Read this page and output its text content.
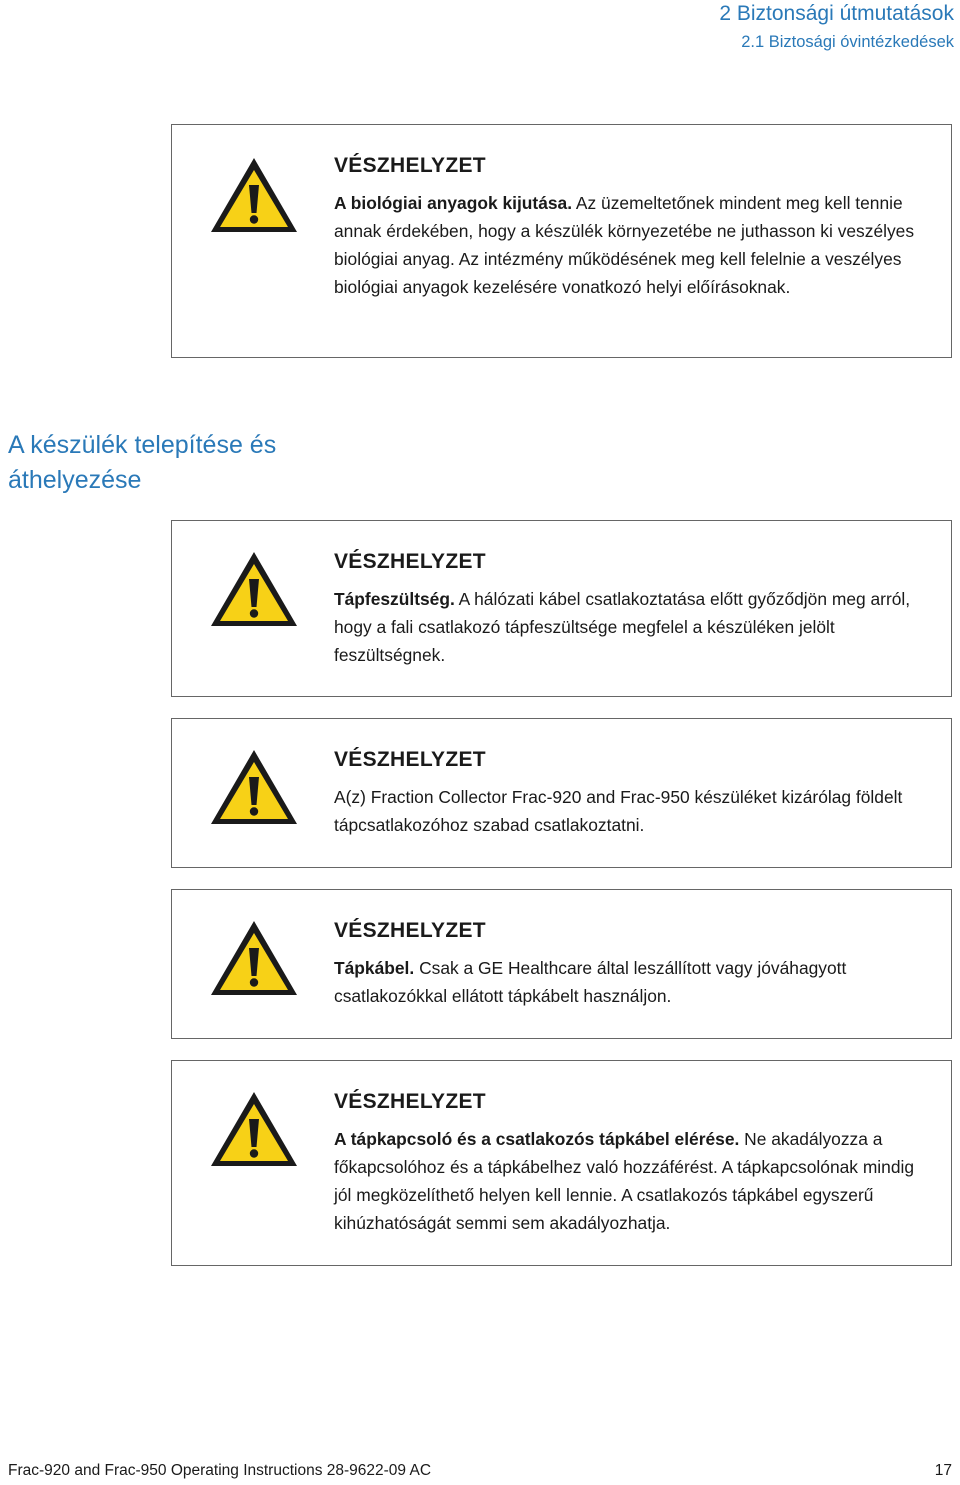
2 Biztonsági útmutatások
2.1 Biztosági óvintézkedések
VÉSZHELYZET
A biológiai anyagok kijutása. Az üzemeltetőnek mindent meg kell tennie annak érdekében, hogy a készülék környezetébe ne juthasson ki veszélyes biológiai anyag. Az intézmény működésének meg kell felelnie a veszélyes biológiai anyagok kezelésére vonatkozó helyi előírásoknak.
A készülék telepítése és áthelyezése
VÉSZHELYZET
Tápfeszültség. A hálózati kábel csatlakoztatása előtt győződjön meg arról, hogy a fali csatlakozó tápfeszültsége megfelel a készüléken jelölt feszültségnek.
VÉSZHELYZET
A(z) Fraction Collector Frac-920 and Frac-950 készüléket kizárólag földelt tápcsatlakozóhoz szabad csatlakoztatni.
VÉSZHELYZET
Tápkábel. Csak a GE Healthcare által leszállított vagy jóváhagyott csatlakozókkal ellátott tápkábelt használjon.
VÉSZHELYZET
A tápkapcsoló és a csatlakozós tápkábel elérése. Ne akadályozza a főkapcsolóhoz és a tápkábelhez való hozzáférést. A tápkapcsolónak mindig jól megközelíthető helyen kell lennie. A csatlakozós tápkábel egyszerű kihúzhatóságát semmi sem akadályozhatja.
Frac-920 and Frac-950 Operating Instructions 28-9622-09 AC	17
